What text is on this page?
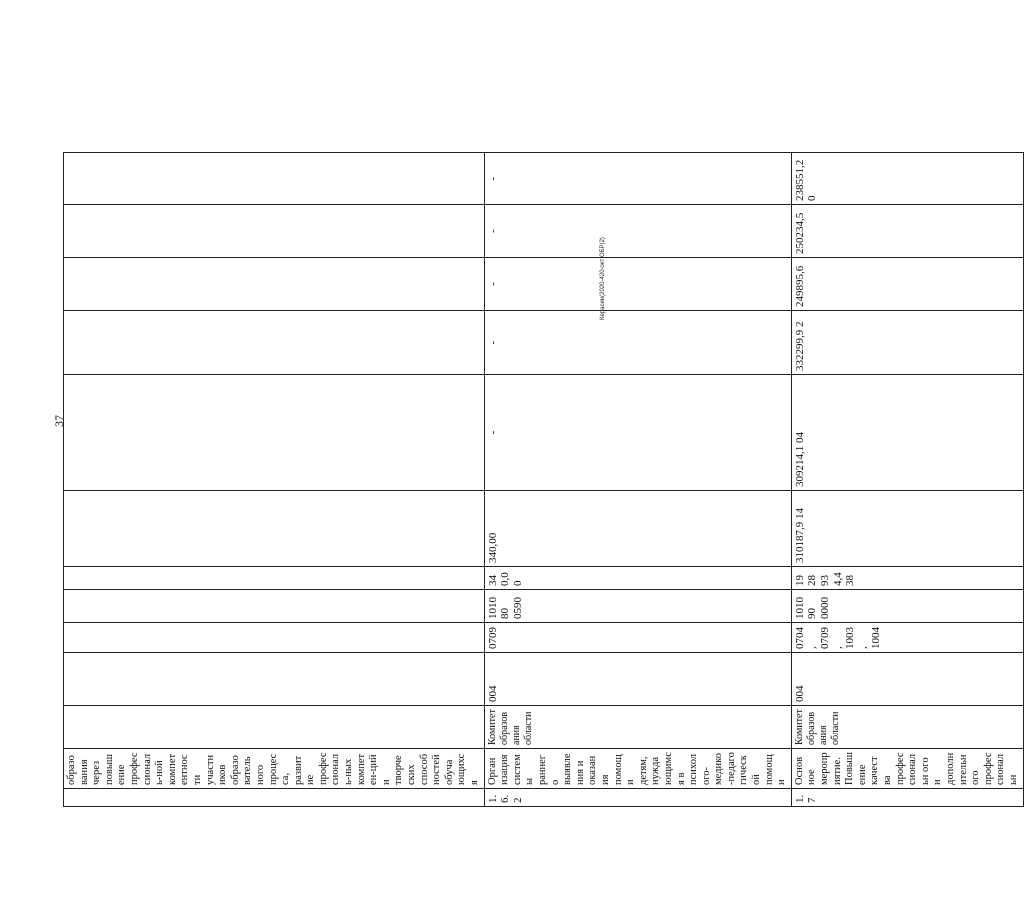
37
Керасин(2020-420-окт ОБР(2)
	образования через повышение профессиональ-ной компетентности участников образовательного процесса, развитие профессиональ-ных компетен-ций и творческих способностей обучающихся											
1.6.2	Организация системы раннего выявления и оказания помощи детям, нуждающимся в психолого-медико-педагогической помощи	Комитет образования области	004	0709	101080 0590	340,00	340,00	-	-	-	-	-
1.7	Основное мероприятие. Повышение качества профессиональн ого и дополнительного профессиональн	Комитет образования области	004	0704, 0709, 1003, 1004	101090 0000	1928934,4 38	310187,9 14	309214,1 04	332299,9 2	249895,6	250234,5	238551,2 0
